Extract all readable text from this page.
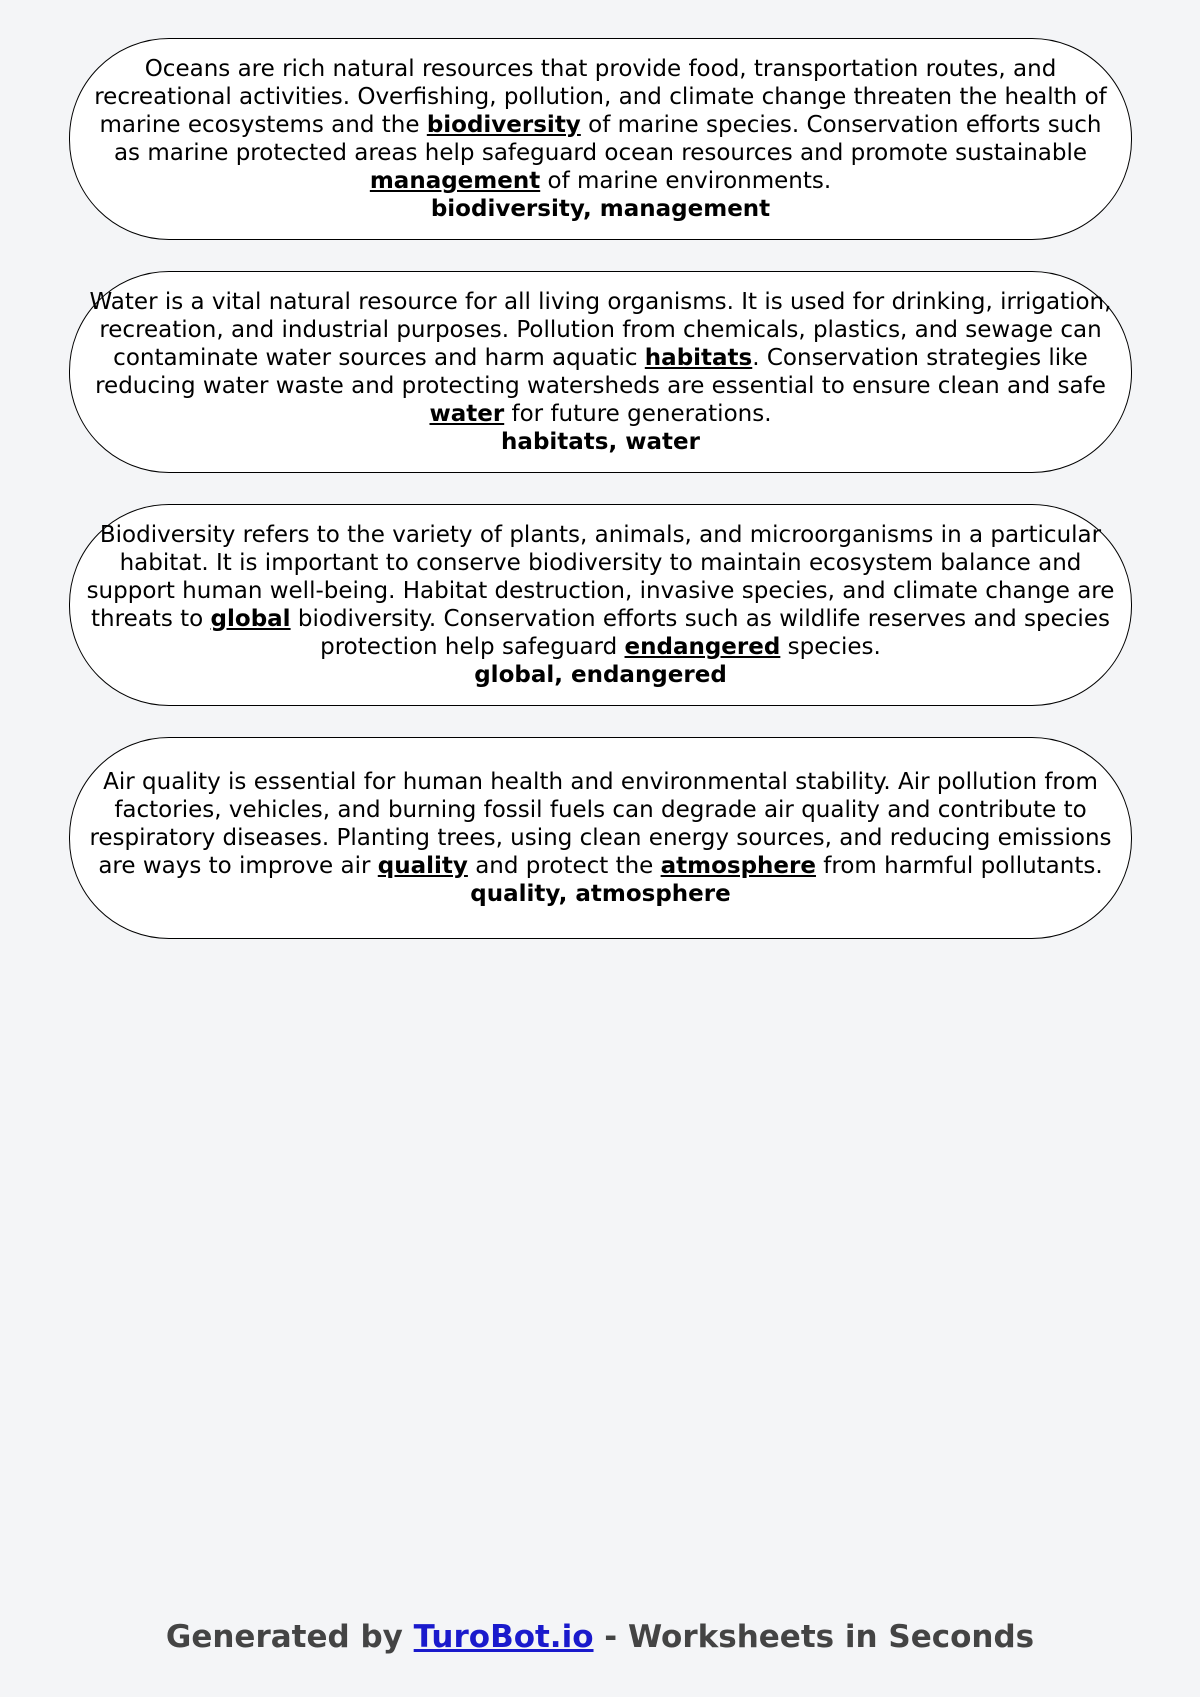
Oceans are rich natural resources that provide food, transportation routes, and recreational activities. Overfishing, pollution, and climate change threaten the health of marine ecosystems and the biodiversity of marine species. Conservation efforts such as marine protected areas help safeguard ocean resources and promote sustainable management of marine environments.

biodiversity, management

Water is a vital natural resource for all living organisms. It is used for drinking, irrigation, recreation, and industrial purposes. Pollution from chemicals, plastics, and sewage can contaminate water sources and harm aquatic habitats. Conservation strategies like reducing water waste and protecting watersheds are essential to ensure clean and safe water for future generations.

habitats, water

Biodiversity refers to the variety of plants, animals, and microorganisms in a particular habitat. It is important to conserve biodiversity to maintain ecosystem balance and support human well-being. Habitat destruction, invasive species, and climate change are threats to global biodiversity. Conservation efforts such as wildlife reserves and species protection help safeguard endangered species.

global, endangered

Air quality is essential for human health and environmental stability. Air pollution from factories, vehicles, and burning fossil fuels can degrade air quality and contribute to respiratory diseases. Planting trees, using clean energy sources, and reducing emissions are ways to improve air quality and protect the atmosphere from harmful pollutants.

quality, atmosphere

Generated by TuroBot.io - Worksheets in Seconds
